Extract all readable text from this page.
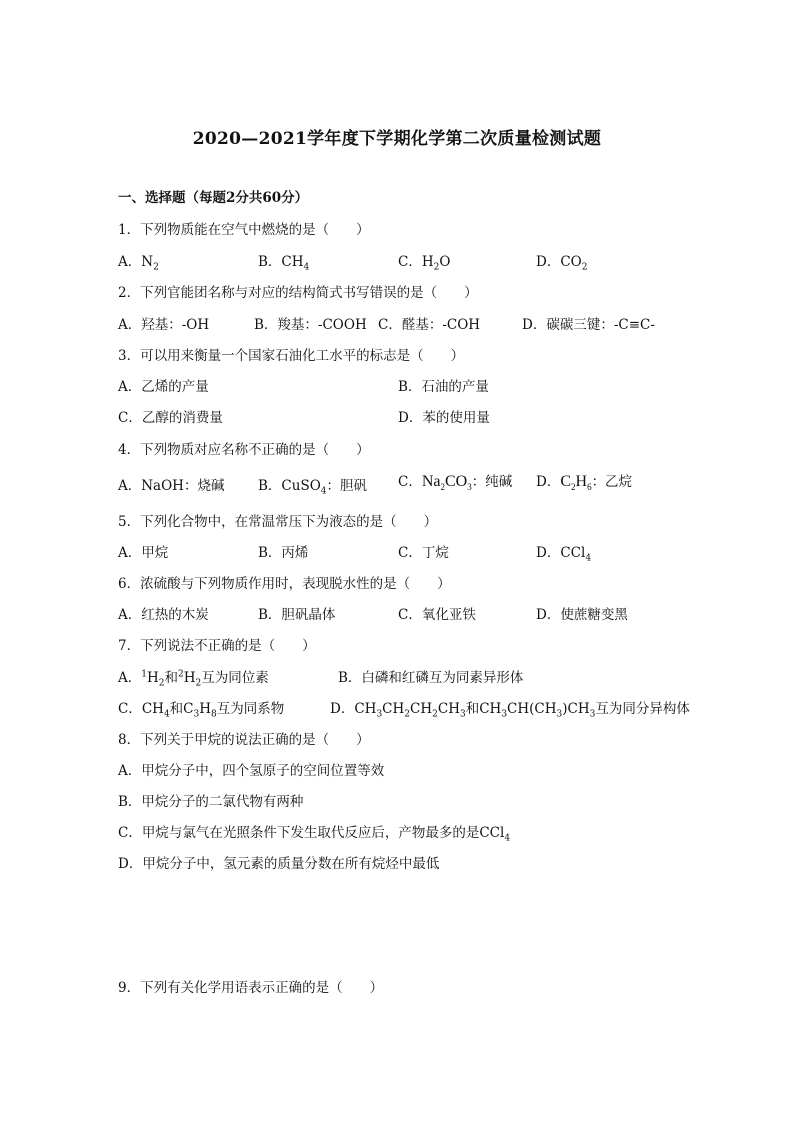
2020—2021学年度下学期化学第二次质量检测试题
一、选择题（每题2分共60分）
1．下列物质能在空气中燃烧的是（　　）
A．$N_2$	B．$CH_4$	C．$H_2O$	D．$CO_2$
2．下列官能团名称与对应的结构简式书写错误的是（　　）
A．羟基：-OH	B．羧基：-COOH C．醛基：-COH	D．碳碳三键：-C≡C-
3．可以用来衡量一个国家石油化工水平的标志是（　　）
A．乙烯的产量	B．石油的产量
C．乙醇的消费量	D．苯的使用量
4．下列物质对应名称不正确的是（　　）
A．NaOH：烧碱 B．CuSO$_4$：胆矾 C．$Na_2CO_3$：纯碱 D．$C_2H_6$：乙烷
5．下列化合物中，在常温常压下为液态的是（　　）
A．甲烷	B．丙烯	C．丁烷	D．CCl$_4$
6．浓硫酸与下列物质作用时，表现脱水性的是（　　）
A．红热的木炭	B．胆矾晶体	C．氧化亚铁	D．使蔗糖变黑
7．下列说法不正确的是（　　）
A．$^1H_2$和$^2H_2$互为同位素	B．白磷和红磷互为同素异形体
C．$CH_4$和$C_3H_8$互为同系物	D．$CH_3CH_2CH_2CH_3$和$CH_3CH(CH_3)CH_3$互为同分异构体
8．下列关于甲烷的说法正确的是（　　）
A．甲烷分子中，四个氢原子的空间位置等效
B．甲烷分子的二氯代物有两种
C．甲烷与氯气在光照条件下发生取代反应后，产物最多的是CCl$_4$
D．甲烷分子中，氢元素的质量分数在所有烷烃中最低
9．下列有关化学用语表示正确的是（　　）
